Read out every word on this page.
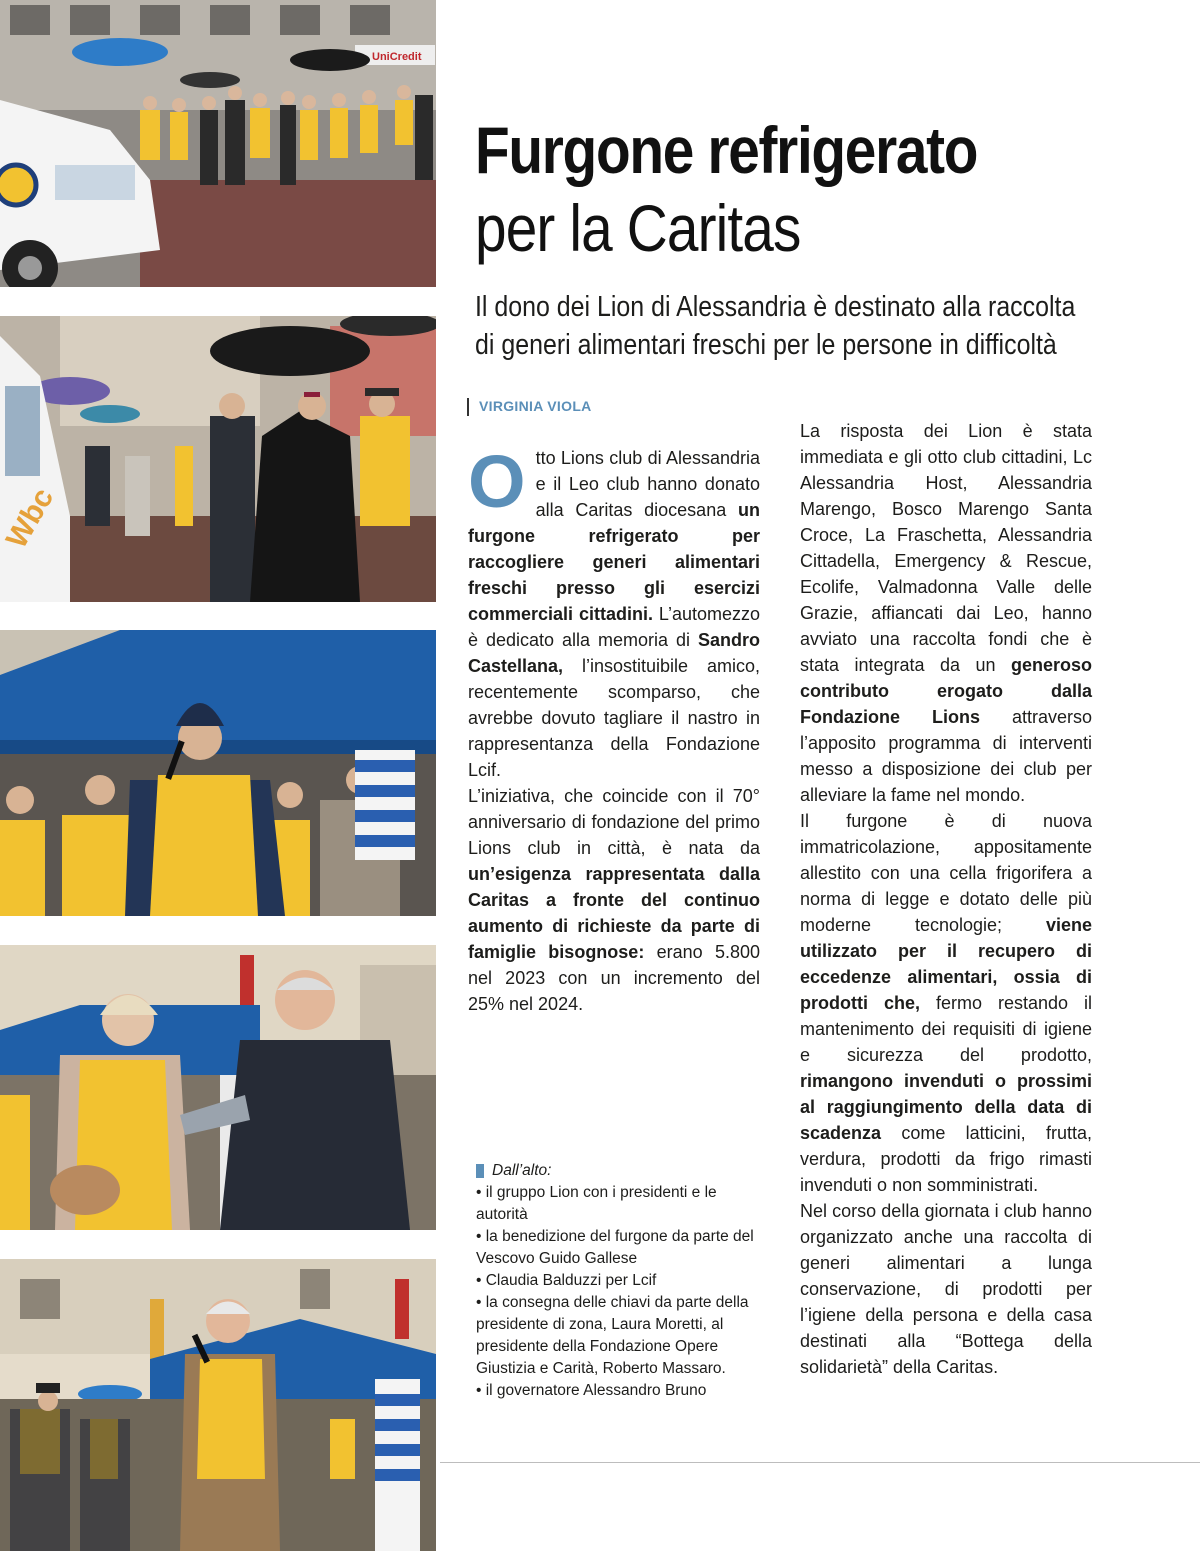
UniCredit
Wbc
Furgone refrigerato
per la Caritas
Il dono dei Lion di Alessandria è destinato alla raccolta
di generi alimentari freschi per le persone in difficoltà
VIRGINIA VIOLA

Otto Lions club di Alessandria e il Leo club hanno donato alla Caritas diocesana un furgone refrigerato per raccogliere generi alimentari freschi presso gli esercizi commerciali cittadini. L’automezzo è dedicato alla memoria di Sandro Castellana, l’insostituibile amico, recentemente scomparso, che avrebbe dovuto tagliare il nastro in rappresentanza della Fondazione Lcif.

L’iniziativa, che coincide con il 70° anniversario di fondazione del primo Lions club in città, è nata da un’esigenza rappresentata dalla Caritas a fronte del continuo aumento di richieste da parte di famiglie bisognose: erano 5.800 nel 2023 con un incremento del 25% nel 2024.

La risposta dei Lion è stata immediata e gli otto club cittadini, Lc Alessandria Host, Alessandria Marengo, Bosco Marengo Santa Croce, La Fraschetta, Alessandria Cittadella, Emergency & Rescue, Ecolife, Valmadonna Valle delle Grazie, affiancati dai Leo, hanno avviato una raccolta fondi che è stata integrata da un generoso contributo erogato dalla Fondazione Lions attraverso l’apposito programma di interventi messo a disposizione dei club per alleviare la fame nel mondo.

Il furgone è di nuova immatricolazione, appositamente allestito con una cella frigorifera a norma di legge e dotato delle più moderne tecnologie; viene utilizzato per il recupero di eccedenze alimentari, ossia di prodotti che, fermo restando il mantenimento dei requisiti di igiene e sicurezza del prodotto, rimangono invenduti o prossimi al raggiungimento della data di scadenza come latticini, frutta, verdura, prodotti da frigo rimasti invenduti o non somministrati.

Nel corso della giornata i club hanno organizzato anche una raccolta di generi alimentari a lunga conservazione, di prodotti per l’igiene della persona e della casa destinati alla “Bottega della solidarietà” della Caritas.

Dall’alto:
• il gruppo Lion con i presidenti e le autorità
• la benedizione del furgone da parte del Vescovo Guido Gallese
• Claudia Balduzzi per Lcif
• la consegna delle chiavi da parte della presidente di zona, Laura Moretti, al presidente della Fondazione Opere Giustizia e Carità, Roberto Massaro.
• il governatore Alessandro Bruno
